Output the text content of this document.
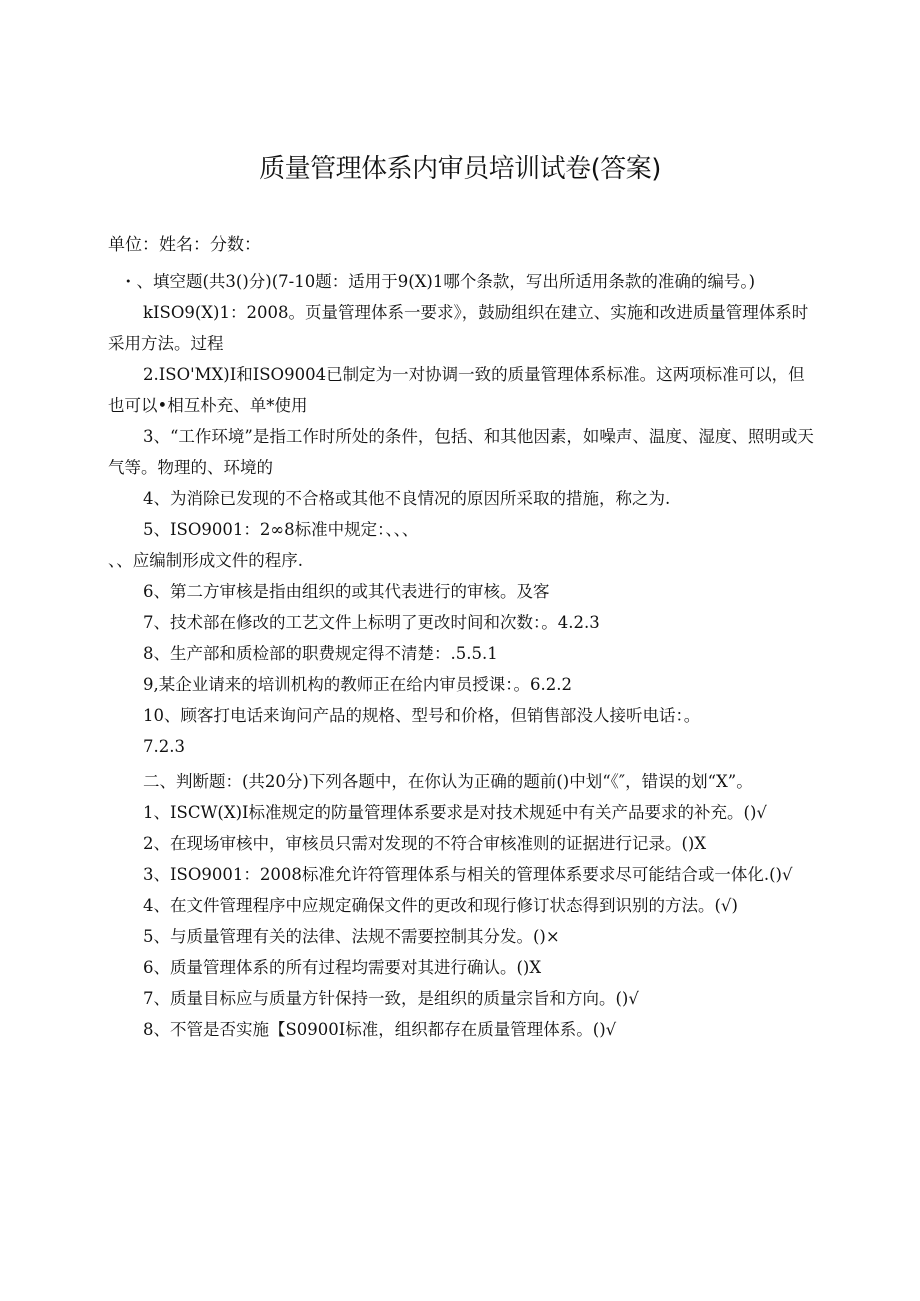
质量管理体系内审员培训试卷(答案)
单位：姓名：分数：

・、填空题(共3()分)(7-10题：适用于9(X)1哪个条款，写出所适用条款的准确的编号。)

kISO9(X)1：2008。页量管理体系一要求》，鼓励组织在建立、实施和改进质量管理体系时采用方法。过程

2.ISO'MX)I和ISO9004已制定为一对协调一致的质量管理体系标准。这两项标准可以，但也可以•相互朴充、单*使用

3、“工作环境”是指工作时所处的条件，包括、和其他因素，如噪声、温度、湿度、照明或天气等。物理的、环境的

4、为消除已发现的不合格或其他不良情况的原因所采取的措施，称之为.

5、ISO9001：2∞8标准中规定：、、、

、、应编制形成文件的程序.

6、第二方审核是指由组织的或其代表进行的审核。及客

7、技术部在修改的工艺文件上标明了更改时间和次数：。4.2.3

8、生产部和质检部的职费规定得不清楚：.5.5.1

9,某企业请来的培训机构的教师正在给内审员授课：。6.2.2

10、顾客打电话来询问产品的规格、型号和价格，但销售部没人接听电话：。

7.2.3

二、判断题：(共20分)下列各题中，在你认为正确的题前()中划“《″，错误的划“X”。

1、ISCW(X)I标准规定的防量管理体系要求是对技术规延中有关产品要求的补充。()√

2、在现场审核中，审核员只需对发现的不符合审核准则的证据进行记录。()X

3、ISO9001：2008标准允许符管理体系与相关的管理体系要求尽可能结合或一体化.()√

4、在文件管理程序中应规定确保文件的更改和现行修订状态得到识别的方法。(√)

5、与质量管理有关的法律、法规不需要控制其分发。()×

6、质量管理体系的所有过程均需要对其进行确认。()X

7、质量目标应与质量方针保持一致，是组织的质量宗旨和方向。()√

8、不管是否实施【S0900I标准，组织都存在质量管理体系。()√
